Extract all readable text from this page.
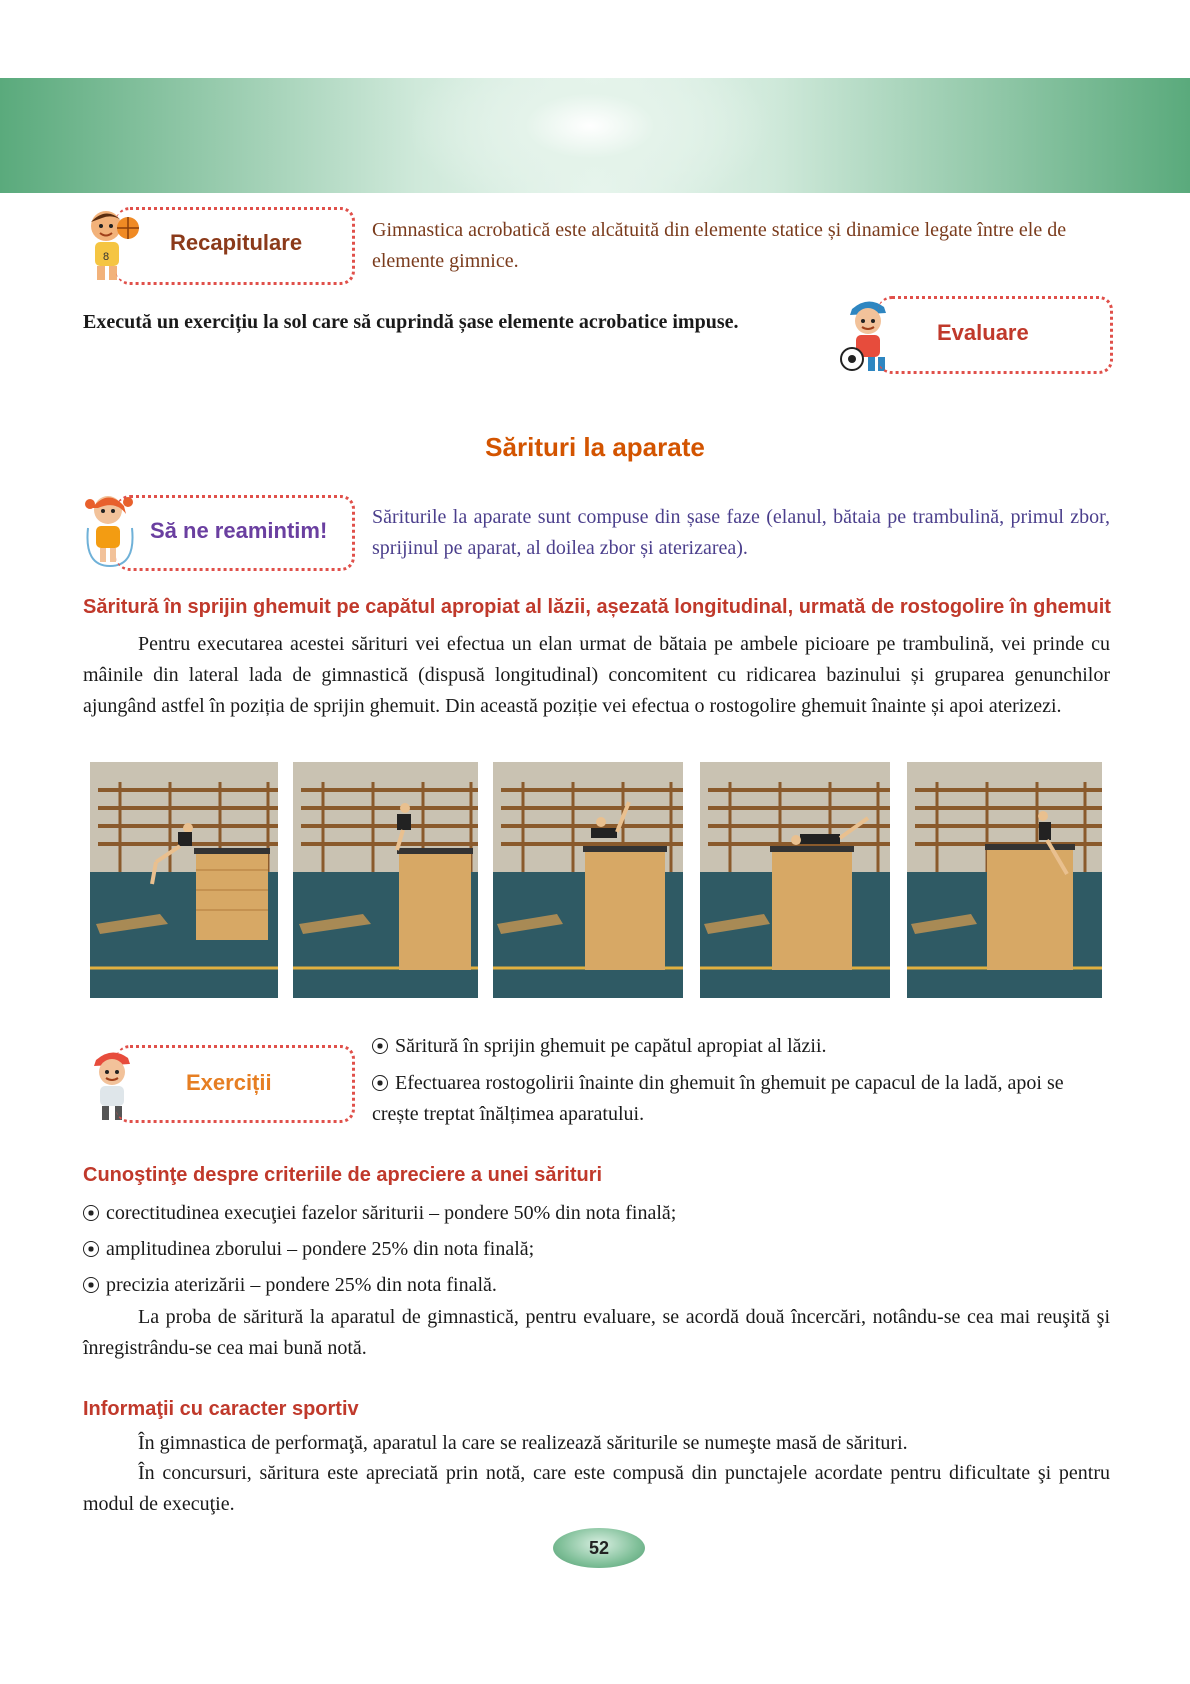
8
Recapitulare	Gimnastica acrobatică este alcătuită din elemente statice și dinamice legate între ele de elemente gimnice.
Execută un exercițiu la sol care să cuprindă șase elemente acrobatice impuse.	Evaluare
Sărituri la aparate
Să ne reamintim!
Săriturile la aparate sunt compuse din șase faze (elanul, bătaia pe trambulină, primul zbor, sprijinul pe aparat, al doilea zbor și aterizarea).
Săritură în sprijin ghemuit pe capătul apropiat al lăzii, așezată longitudinal, urmată de rostogolire în ghemuit
Pentru executarea acestei sărituri vei efectua un elan urmat de bătaia pe ambele picioare pe trambulină, vei prinde cu mâinile din lateral lada de gimnastică (dispusă longitudinal) concomitent cu ridicarea bazinului și gruparea genunchilor ajungând astfel în poziția de sprijin ghemuit. Din această poziție vei efectua o rostogolire ghemuit înainte și apoi aterizezi.
Exerciții
Săritură în sprijin ghemuit pe capătul apropiat al lăzii.
Efectuarea rostogolirii înainte din ghemuit în ghemuit pe capacul de la ladă, apoi se crește treptat înălțimea aparatului.
Cunoştinţe despre criteriile de apreciere a unei sărituri
corectitudinea execuţiei fazelor săriturii – pondere 50% din nota finală;
amplitudinea zborului – pondere 25% din nota finală;
precizia aterizării – pondere 25% din nota finală.
La proba de săritură la aparatul de gimnastică, pentru evaluare, se acordă două încercări, notându-se cea mai reuşită şi înregistrându-se cea mai bună notă.
Informaţii cu caracter sportiv
În gimnastica de performaţă, aparatul la care se realizează săriturile se numeşte masă de sărituri.
În concursuri, săritura este apreciată prin notă, care este compusă din punctajele acordate pentru dificultate şi pentru modul de execuţie.
52
